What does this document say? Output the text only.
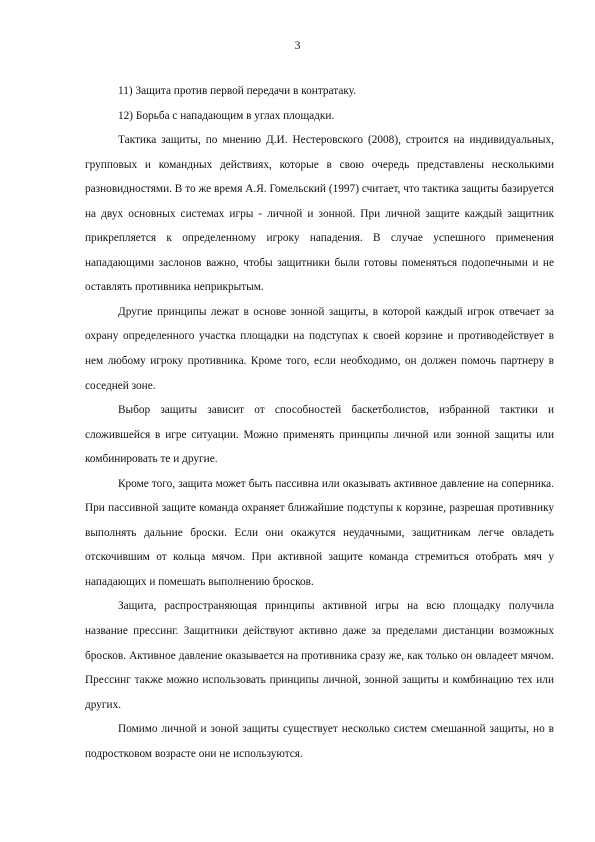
3

11) Защита против первой передачи в контратаку.

12) Борьба с нападающим в углах площадки.

Тактика защиты, по мнению Д.И. Нестеровского (2008), строится на индивидуальных, групповых и командных действиях, которые в свою очередь представлены несколькими разновидностями. В то же время А.Я. Гомельский (1997) считает, что тактика защиты базируется на двух основных системах игры - личной и зонной. При личной защите каждый защитник прикрепляется к определенному игроку нападения. В случае успешного применения нападающими заслонов важно, чтобы защитники были готовы поменяться подопечными и не оставлять противника неприкрытым.

Другие принципы лежат в основе зонной защиты, в которой каждый игрок отвечает за охрану определенного участка площадки на подступах к своей корзине и противодействует в нем любому игроку противника. Кроме того, если необходимо, он должен помочь партнеру в соседней зоне.

Выбор защиты зависит от способностей баскетболистов, избранной тактики и сложившейся в игре ситуации. Можно применять принципы личной или зонной защиты или комбинировать те и другие.

Кроме того, защита может быть пассивна или оказывать активное давление на соперника. При пассивной защите команда охраняет ближайшие подступы к корзине, разрешая противнику выполнять дальние броски. Если они окажутся неудачными, защитникам легче овладеть отскочившим от кольца мячом. При активной защите команда стремиться отобрать мяч у нападающих и помешать выполнению бросков.

Защита, распространяющая принципы активной игры на всю площадку получила название прессинг. Защитники действуют активно даже за пределами дистанции возможных бросков. Активное давление оказывается на противника сразу же, как только он овладеет мячом. Прессинг также можно использовать принципы личной, зонной защиты и комбинацию тех или других.

Помимо личной и зоной защиты существует несколько систем смешанной защиты, но в подростковом возрасте они не используются.
